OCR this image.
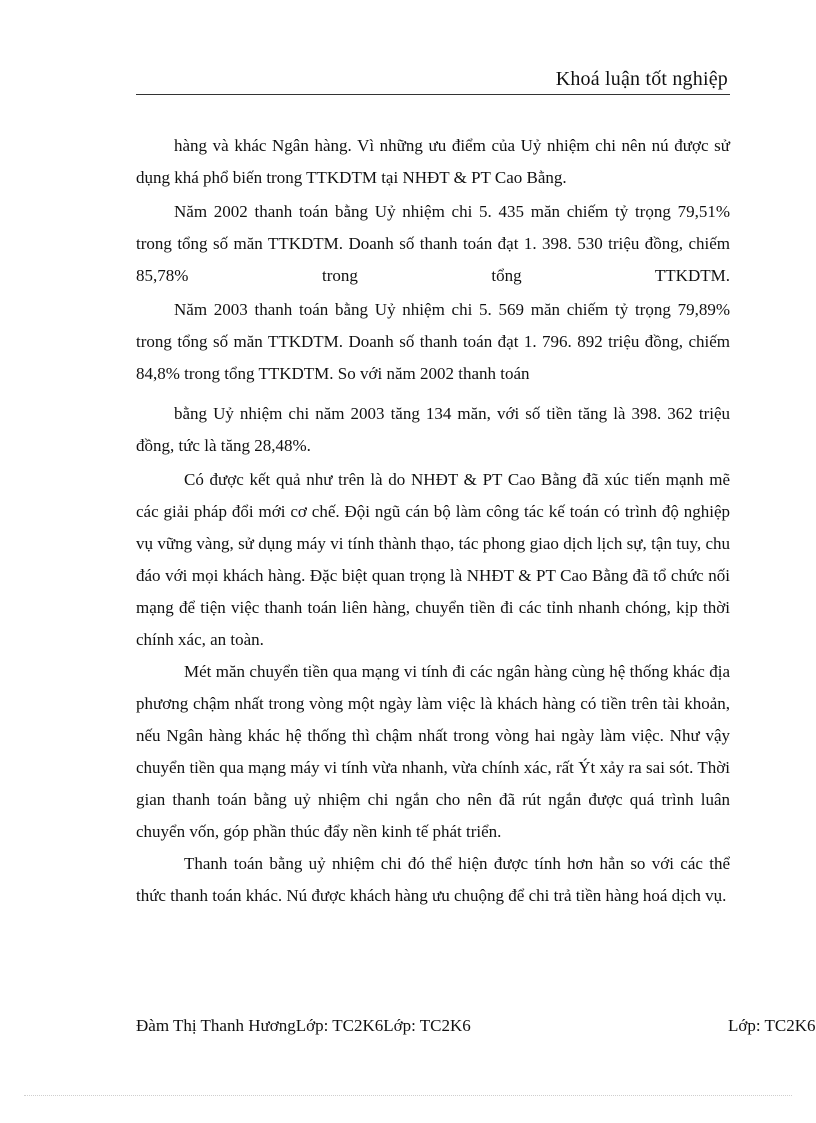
Khoá luận tốt nghiệp

hàng và khác Ngân hàng. Vì những ưu điểm của Uỷ nhiệm chi nên nú được sử dụng khá phổ biến trong TTKDTM tại NHĐT & PT Cao Bằng.

Năm 2002 thanh toán bằng Uỷ nhiệm chi 5. 435 măn chiếm tỷ trọng 79,51% trong tổng số măn TTKDTM. Doanh số thanh toán đạt 1. 398. 530 triệu đồng, chiếm 85,78% trong tổng TTKDTM.

Năm 2003 thanh toán bằng Uỷ nhiệm chi 5. 569 măn chiếm tỷ trọng 79,89% trong tổng số măn TTKDTM. Doanh số thanh toán đạt 1. 796. 892 triệu đồng, chiếm 84,8% trong tổng TTKDTM. So với năm 2002 thanh toán

bằng Uỷ nhiệm chi năm 2003 tăng 134 măn, với số tiền tăng là 398. 362 triệu đồng, tức là tăng 28,48%.

Có được kết quả như trên là do NHĐT & PT Cao Bằng đã xúc tiến mạnh mẽ các giải pháp đổi mới cơ chế. Đội ngũ cán bộ làm công tác kế toán có trình độ nghiệp vụ vững vàng, sử dụng máy vi tính thành thạo, tác phong giao dịch lịch sự, tận tuy, chu đáo với mọi khách hàng. Đặc biệt quan trọng là NHĐT & PT Cao Bằng đã tổ chức nối mạng để tiện việc thanh toán liên hàng, chuyển tiền đi các tỉnh nhanh chóng, kịp thời chính xác, an toàn.

Mét măn chuyển tiền qua mạng vi tính đi các ngân hàng cùng hệ thống khác địa phương chậm nhất trong vòng một ngày làm việc là khách hàng có tiền trên tài khoản, nếu Ngân hàng khác hệ thống thì chậm nhất trong vòng hai ngày làm việc. Như vậy chuyển tiền qua mạng máy vi tính vừa nhanh, vừa chính xác, rất Ýt xảy ra sai sót. Thời gian thanh toán bằng uỷ nhiệm chi ngắn cho nên đã rút ngắn được quá trình luân chuyển vốn, góp phần thúc đẩy nền kinh tế phát triển.

Thanh toán bằng uỷ nhiệm chi đó thể hiện được tính hơn hẳn so với các thể thức thanh toán khác. Nú được khách hàng ưu chuộng để chi trả tiền hàng hoá dịch vụ.

Đàm Thị Thanh HươngLớp: TC2K6Lớp: TC2K6	Lớp: TC2K6
